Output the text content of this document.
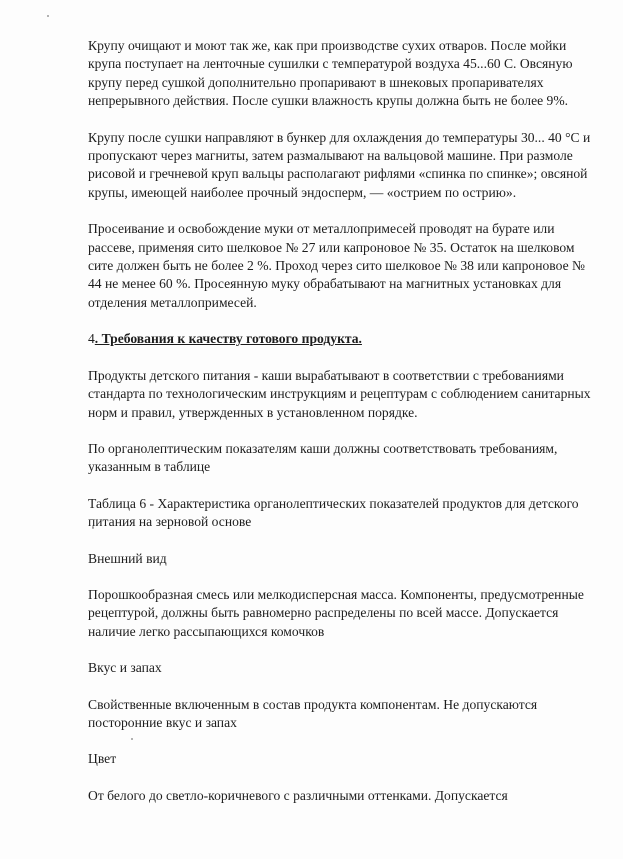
Крупу очищают и моют так же, как при производстве сухих отваров. После мойки крупа поступает на ленточные сушилки с температурой воздуха 45...60 С. Овсяную крупу перед сушкой дополнительно пропаривают в шнековых пропаривателях непрерывного действия. После сушки влажность крупы должна быть не более 9%.

Крупу после сушки направляют в бункер для охлаждения до температуры 30... 40 °С и пропускают через магниты, затем размалывают на вальцовой машине. При размоле рисовой и гречневой круп вальцы располагают рифлями «спинка по спинке»; овсяной крупы, имеющей наиболее прочный эндосперм, — «острием по острию».

Просеивание и освобождение муки от металлопримесей проводят на бурате или рассеве, применяя сито шелковое № 27 или капроновое № 35. Остаток на шелковом сите должен быть не более 2 %. Проход через сито шелковое № 38 или капроновое № 44 не менее 60 %. Просеянную муку обрабатывают на магнитных установках для отделения металлопримесей.

4. Требования к качеству готового продукта.

Продукты детского питания - каши вырабатывают в соответствии с требованиями стандарта по технологическим инструкциям и рецептурам с соблюдением санитарных норм и правил, утвержденных в установленном порядке.

По органолептическим показателям каши должны соответствовать требованиям, указанным в таблице

Таблица 6 - Характеристика органолептических показателей продуктов для детского питания на зерновой основе

Внешний вид

Порошкообразная смесь или мелкодисперсная масса. Компоненты, предусмотренные рецептурой, должны быть равномерно распределены по всей массе. Допускается наличие легко рассыпающихся комочков

Вкус и запах

Свойственные включенным в состав продукта компонентам. Не допускаются посторонние вкус и запах

Цвет

От белого до светло-коричневого с различными оттенками. Допускается
